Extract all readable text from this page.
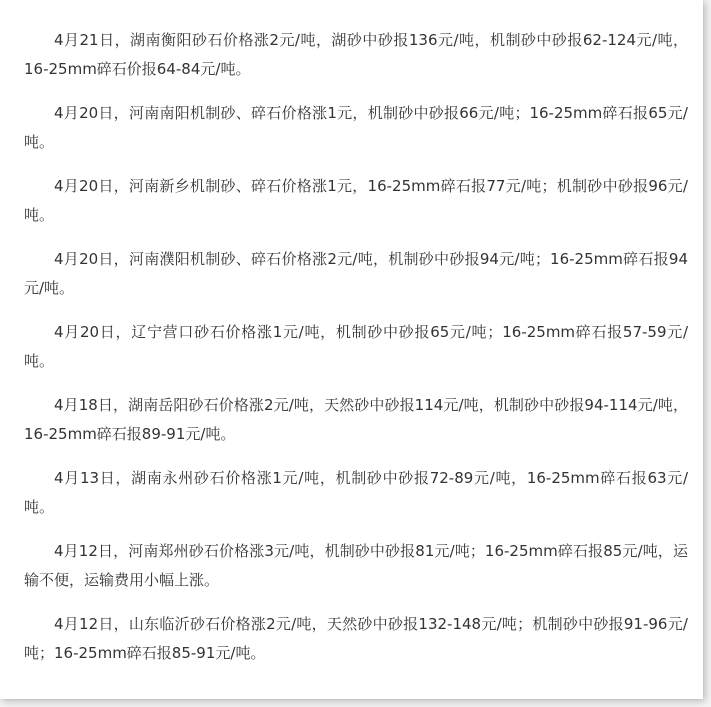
4月21日，湖南衡阳砂石价格涨2元/吨，湖砂中砂报136元/吨，机制砂中砂报62-124元/吨，16-25mm碎石价报64-84元/吨。
4月20日，河南南阳机制砂、碎石价格涨1元，机制砂中砂报66元/吨；16-25mm碎石报65元/吨。
4月20日，河南新乡机制砂、碎石价格涨1元，16-25mm碎石报77元/吨；机制砂中砂报96元/吨。
4月20日，河南濮阳机制砂、碎石价格涨2元/吨，机制砂中砂报94元/吨；16-25mm碎石报94元/吨。
4月20日，辽宁营口砂石价格涨1元/吨，机制砂中砂报65元/吨；16-25mm碎石报57-59元/吨。
4月18日，湖南岳阳砂石价格涨2元/吨，天然砂中砂报114元/吨，机制砂中砂报94-114元/吨，16-25mm碎石报89-91元/吨。
4月13日，湖南永州砂石价格涨1元/吨，机制砂中砂报72-89元/吨，16-25mm碎石报63元/吨。
4月12日，河南郑州砂石价格涨3元/吨，机制砂中砂报81元/吨；16-25mm碎石报85元/吨，运输不便，运输费用小幅上涨。
4月12日，山东临沂砂石价格涨2元/吨，天然砂中砂报132-148元/吨；机制砂中砂报91-96元/吨；16-25mm碎石报85-91元/吨。
